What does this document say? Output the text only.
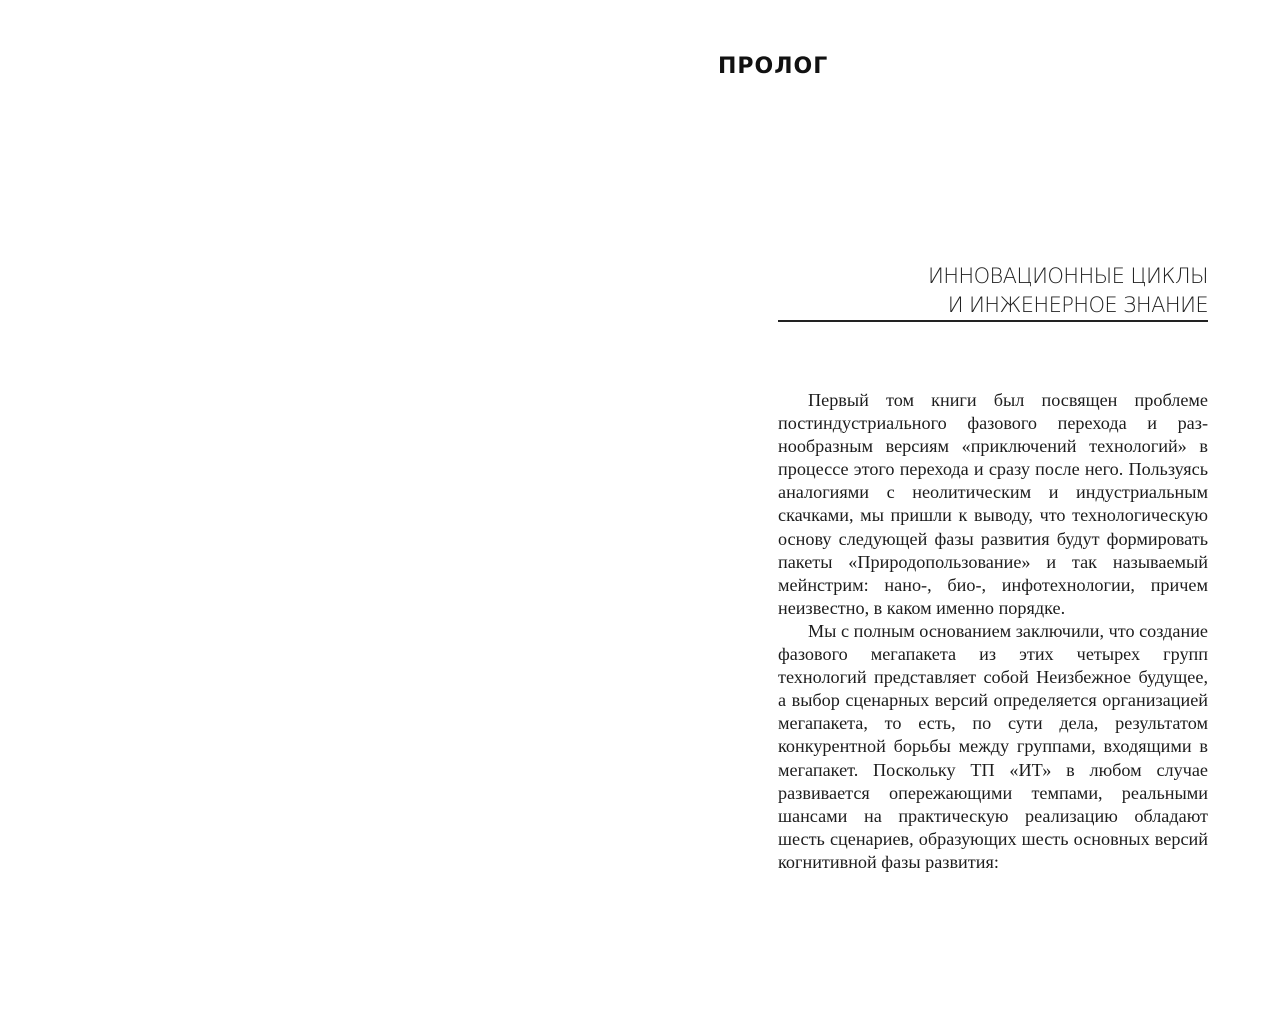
ПРОЛОГ
ИННОВАЦИОННЫЕ ЦИКЛЫ
И ИНЖЕНЕРНОЕ ЗНАНИЕ

Первый том книги был посвящен проблеме постиндустриального фазового перехода и разнообразным версиям «приключений технологий» в процессе этого перехода и сразу после него. Пользуясь аналогиями с неолитическим и индустриальным скачками, мы пришли к выводу, что технологическую основу следующей фазы развития будут формировать пакеты «Природопользование» и так называемый мейнстрим: нано-, био-, инфотехнологии, причем неизвестно, в каком именно порядке.

Мы с полным основанием заключили, что создание фазового мегапакета из этих четырех групп технологий представляет собой Неизбежное будущее, а выбор сценарных версий определяется организацией мегапакета, то есть, по сути дела, результатом конкурентной борьбы между группами, входящими в мегапакет. Поскольку ТП «ИТ» в любом случае развивается опережающими темпами, реальными шансами на практическую реализацию обладают шесть сценариев, образующих шесть основных версий когнитивной фазы развития:
